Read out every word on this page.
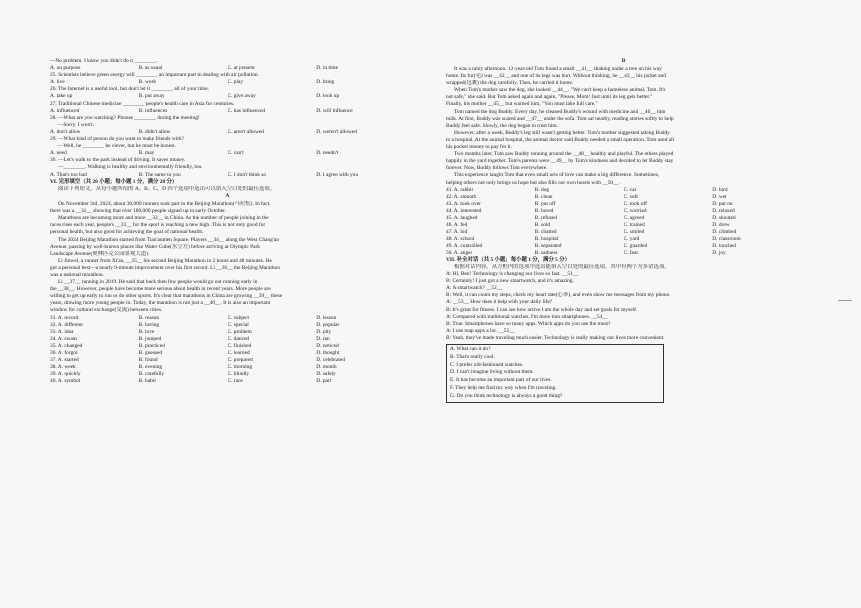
—No problem. I know you didn't do it ________.
A. on purpose	B. as usual	C. at present	D. in time
25. Scientists believe green energy will ________ an important part in dealing with air pollution.
A. live	B. work	C. play	D. bring
26. The Internet is a useful tool, but don't let it ________ all of your time.
A. take up	B. put away	C. give away	D. look up
27. Traditional Chinese medicine ________ people's health care in Asia for centuries.
A. influenced	B. influences	C. has influenced	D. will influence
28. —What are you watching? Phones ________ during the meeting!
—Sorry. I won't.
A. don't allow	B. didn't allow	C. aren't allowed	D. weren't allowed
29. —What kind of person do you want to make friends with?
—Well, he ________ be clever, but he must be honest.
A. need	B. may	C. can't	D. needn't
30. —Let's walk to the park instead of driving. It saves money.
—________. Walking is healthy and environmentally friendly, too.
A. That's too bad	B. The same to you	C. I don't think so	D. I agree with you
VI. 完形填空（共 20 小题；每小题 1 分，满分 20 分）
阅读下列短文，从每小题所给的 A、B、C、D 四个选项中选出可以填入空白处的最佳选项。
A
On November 3rd, 2024, about 30,000 runners took part in the Beijing Marathon(马拉松). In fact,
there was a __31__ showing that over 180,000 people signed up in early October.
Marathons are becoming more and more __32__ in China. As the number of people joining in the
races rises each year, people's __33__ for the sport is reaching a new high. This is not only good for
personal health, but also good for achieving the goal of national health.
The 2024 Beijing Marathon started from Tian'anmen Square. Players __34__ along the West Chang'an
Avenue, passing by well-known places like Water Cube(水立方) before arriving at Olympic Park
Landscape Avenue(奥林匹克公园景观大道).
Li Jinwei, a runner from Xi'an, __35__ his second Beijing Marathon in 2 hours and 48 minutes. He
got a personal best—a nearly 9-minute improvement over his first record. Li __36__ the Beijing Marathon
was a national marathon.
Li __37__ running in 2019. He said that back then few people would go out running early in
the __38__. However, people have become more serious about health in recent years. More people are
willing to get up early to run or do other sports. It's clear that marathons in China are growing __39__ these
years, drawing more young people in. Today, the marathon is not just a __40__. It is also an important
window for cultural exchange(交流) between cities.
31. A. record	B. reason	C. subject	D. lesson
32. A. different	B. boring	C. special	D. popular
33. A. idea	B. love	C. problem	D. pity
34. A. swam	B. jumped	C. danced	D. ran
35. A. changed	B. practiced	C. finished	D. noticed
36. A. forgot	B. guessed	C. learned	D. thought
37. A. started	B. found	C. prepared	D. celebrated
38. A. week	B. evening	C. morning	D. month
39. A. quickly	B. carefully	C. blindly	D. safely
40. A. symbol	B. habit	C. race	D. part
B
It was a rainy afternoon. 12-year-old Tom found a small __41__ shaking under a tree on his way
home. Its fur(毛) was __42__ and one of its legs was hurt. Without thinking, he __43__ his jacket and
wrapped(包裹) the dog carefully. Then, he carried it home.
When Tom's mother saw the dog, she looked __44__. "We can't keep a homeless animal, Tom. It's
not safe," she said. But Tom asked again and again, "Please, Mom! Just until its leg gets better."
Finally, his mother __45__ but warned him, "You must take full care."
Tom named the dog Buddy. Every day, he cleaned Buddy's wound with medicine and __46__ him
milk. At first, Buddy was scared and __47__ under the sofa. Tom sat nearby, reading stories softly to help
Buddy feel safe. Slowly, the dog began to trust him.
However, after a week, Buddy's leg still wasn't getting better. Tom's mother suggested taking Buddy
to a hospital. At the animal hospital, the animal doctor said Buddy needed a small operation. Tom used all
his pocket money to pay for it.
Two months later, Tom saw Buddy running around the __48__ healthy and playful. The others played
happily in the yard together. Tom's parents were __49__ by Tom's kindness and decided to let Buddy stay
forever. Now, Buddy follows Tom everywhere.
This experience taught Tom that even small acts of love can make a big difference. Sometimes,
helping others not only brings us hope but also fills our own hearts with __50__.
41. A. rabbit	B. dog	C. cat	D. bird
42. A. smooth	B. clean	C. soft	D. wet
43. A. took over	B. put off	C. took off	D. put on
44. A. interested	B. bored	C. worried	D. relaxed
45. A. laughed	B. refused	C. agreed	D. shouted
46. A. fed	B. sold	C. trained	D. drew
47. A. hid	B. chatted	C. smiled	D. climbed
48. A. school	B. hospital	C. yard	D. classroom
49. A. controlled	B. separated	C. guarded	D. touched
50. A. anger	B. sadness	C. fear	D. joy
VII. 补全对话（共 5 小题；每小题 1 分，满分 5 分）
根据对话内容，从方框内的选项中选出能填入空白处的最佳选项，其中有两个为多余选项。
A: Hi, Ben! Technology is changing our lives so fast. __51__
B: Certainly! I just got a new smartwatch, and it's amazing.
A: A smartwatch? __52__
B: Well, it can count my steps, check my heart rate(心率), and even show me messages from my phone.
A: __53__ How does it help with your daily life?
B: It's great for fitness. I can see how active I am the whole day and set goals for myself.
A: Compared with traditional watches, I'm more into smartphones. __54__
B: True. Smartphones have so many apps. Which apps do you use the most?
A: I use map apps a lot. __55__
B: Yeah, they've made traveling much easier. Technology is really making our lives more convenient.
A. What can it do?
B. That's really cool.
C. I prefer old-fashioned watches.
D. I can't imagine living without them.
E. It has become an important part of our lives.
F. They help me find my way when I'm traveling.
G. Do you think technology is always a good thing?
